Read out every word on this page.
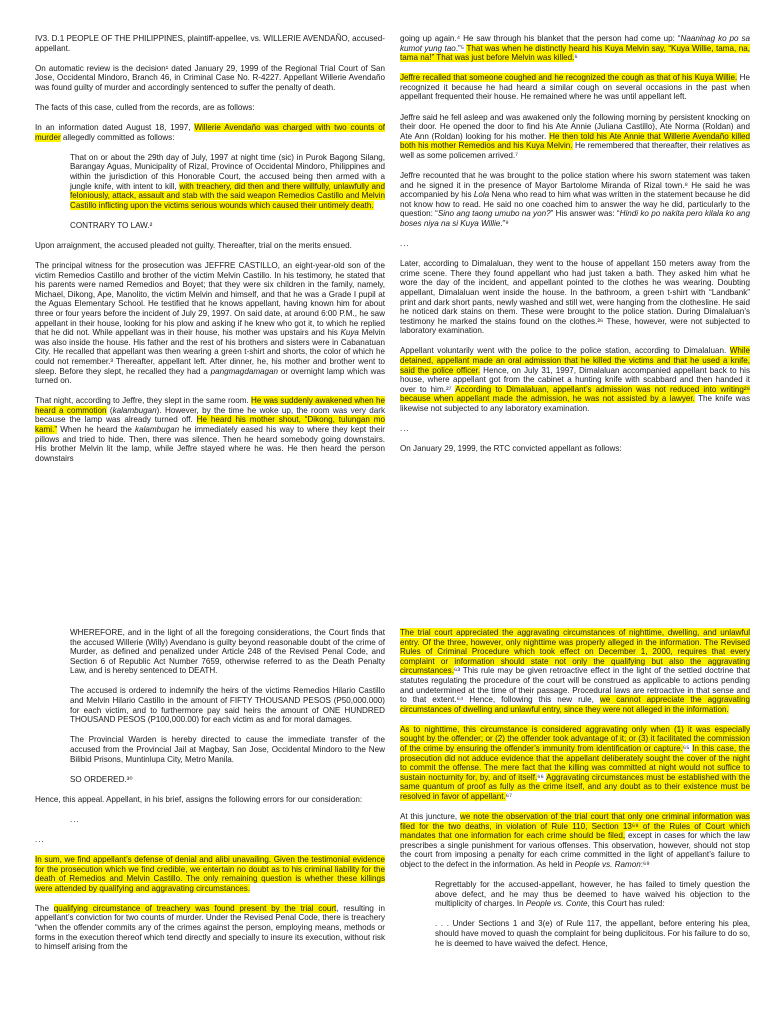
IV3. D.1 PEOPLE OF THE PHILIPPINES, plaintiff-appellee, vs. WILLERIE AVENDAÑO, accused-appellant.

On automatic review is the decision¹ dated January 29, 1999 of the Regional Trial Court of San Jose, Occidental Mindoro, Branch 46, in Criminal Case No. R-4227. Appellant Willerie Avendaño was found guilty of murder and accordingly sentenced to suffer the penalty of death.

The facts of this case, culled from the records, are as follows:

In an information dated August 18, 1997, Willerie Avendaño was charged with two counts of murder allegedly committed as follows:

That on or about the 29th day of July, 1997 at night time (sic) in Purok Bagong Silang, Barangay Aguas, Municipality of Rizal, Province of Occidental Mindoro, Philippines and within the jurisdiction of this Honorable Court, the accused being then armed with a jungle knife, with intent to kill, with treachery, did then and there willfully, unlawfully and feloniously, attack, assault and stab with the said weapon Remedios Castillo and Melvin Castillo inflicting upon the victims serious wounds which caused their untimely death.

CONTRARY TO LAW.²

Upon arraignment, the accused pleaded not guilty. Thereafter, trial on the merits ensued.

The principal witness for the prosecution was JEFFRE CASTILLO, an eight-year-old son of the victim Remedios Castillo and brother of the victim Melvin Castillo. In his testimony, he stated that his parents were named Remedios and Boyet; that they were six children in the family, namely, Michael, Dikong, Ape, Manolito, the victim Melvin and himself, and that he was a Grade I pupil at the Aguas Elementary School. He testified that he knows appellant, having known him for about three or four years before the incident of July 29, 1997. On said date, at around 6:00 P.M., he saw appellant in their house, looking for his plow and asking if he knew who got it, to which he replied that he did not. While appellant was in their house, his mother was upstairs and his Kuya Melvin was also inside the house. His father and the rest of his brothers and sisters were in Cabanatuan City. He recalled that appellant was then wearing a green t-shirt and shorts, the color of which he could not remember.³ Thereafter, appellant left. After dinner, he, his mother and brother went to sleep. Before they slept, he recalled they had a pangmagdamagan or overnight lamp which was turned on.

That night, according to Jeffre, they slept in the same room. He was suddenly awakened when he heard a commotion (kalambugan). However, by the time he woke up, the room was very dark because the lamp was already turned off. He heard his mother shout, “Dikong, tulungan mo kami.” When he heard the kalambugan he immediately eased his way to where they kept their pillows and tried to hide. Then, there was silence. Then he heard somebody going downstairs. His brother Melvin lit the lamp, while Jeffre stayed where he was. He then heard the person downstairs

going up again.⁴ He saw through his blanket that the person had come up: “Naaninag ko po sa kumot yung tao.”⁵ That was when he distinctly heard his Kuya Melvin say, “Kuya Willie, tama, na, tama na!” That was just before Melvin was killed.⁶

Jeffre recalled that someone coughed and he recognized the cough as that of his Kuya Willie. He recognized it because he had heard a similar cough on several occasions in the past when appellant frequented their house. He remained where he was until appellant left.

Jeffre said he fell asleep and was awakened only the following morning by persistent knocking on their door. He opened the door to find his Ate Annie (Juliana Castillo), Ate Norma (Roldan) and Ate Ann (Roldan) looking for his mother. He then told his Ate Annie that Willerie Avendaño killed both his mother Remedios and his Kuya Melvin. He remembered that thereafter, their relatives as well as some policemen arrived.⁷

Jeffre recounted that he was brought to the police station where his sworn statement was taken and he signed it in the presence of Mayor Bartolome Miranda of Rizal town.⁸ He said he was accompanied by his Lola Nena who read to him what was written in the statement because he did not know how to read. He said no one coached him to answer the way he did, particularly to the question: “Sino ang taong umubo na yon?” His answer was: “Hindi ko po nakita pero kilala ko ang boses niya na si Kuya Willie.”⁹

...

Later, according to Dimalaluan, they went to the house of appellant 150 meters away from the crime scene. There they found appellant who had just taken a bath. They asked him what he wore the day of the incident, and appellant pointed to the clothes he was wearing. Doubting appellant, Dimalaluan went inside the house. In the bathroom, a green t-shirt with “Landbank” print and dark short pants, newly washed and still wet, were hanging from the clothesline. He said he noticed dark stains on them. These were brought to the police station. During Dimalaluan’s testimony he marked the stains found on the clothes.²⁶ These, however, were not subjected to laboratory examination.

Appellant voluntarily went with the police to the police station, according to Dimalaluan. While detained, appellant made an oral admission that he killed the victims and that he used a knife, said the police officer. Hence, on July 31, 1997, Dimalaluan accompanied appellant back to his house, where appellant got from the cabinet a hunting knife with scabbard and then handed it over to him.²⁷ According to Dimalaluan, appellant’s admission was not reduced into writing²⁸ because when appellant made the admission, he was not assisted by a lawyer. The knife was likewise not subjected to any laboratory examination.

...

On January 29, 1999, the RTC convicted appellant as follows:

WHEREFORE, and in the light of all the foregoing considerations, the Court finds that the accused Willerie (Willy) Avendano is guilty beyond reasonable doubt of the crime of Murder, as defined and penalized under Article 248 of the Revised Penal Code, and Section 6 of Republic Act Number 7659, otherwise referred to as the Death Penalty Law, and is hereby sentenced to DEATH.

The accused is ordered to indemnify the heirs of the victims Remedios Hilario Castillo and Melvin Hilario Castillo in the amount of FIFTY THOUSAND PESOS (P50,000.000) for each victim, and to furthermore pay said heirs the amount of ONE HUNDRED THOUSAND PESOS (P100,000.00) for each victim as and for moral damages.

The Provincial Warden is hereby directed to cause the immediate transfer of the accused from the Provincial Jail at Magbay, San Jose, Occidental Mindoro to the New Bilibid Prisons, Muntinlupa City, Metro Manila.

SO ORDERED.³⁰

Hence, this appeal. Appellant, in his brief, assigns the following errors for our consideration:

...

...

In sum, we find appellant’s defense of denial and alibi unavailing. Given the testimonial evidence for the prosecution which we find credible, we entertain no doubt as to his criminal liability for the death of Remedios and Melvin Castillo. The only remaining question is whether these killings were attended by qualifying and aggravating circumstances.

The qualifying circumstance of treachery was found present by the trial court, resulting in appellant’s conviction for two counts of murder. Under the Revised Penal Code, there is treachery “when the offender commits any of the crimes against the person, employing means, methods or forms in the execution thereof which tend directly and specially to insure its execution, without risk to himself arising from the

The trial court appreciated the aggravating circumstances of nighttime, dwelling, and unlawful entry. Of the three, however, only nighttime was properly alleged in the information. The Revised Rules of Criminal Procedure which took effect on December 1, 2000, requires that every complaint or information should state not only the qualifying but also the aggravating circumstances.⁶³ This rule may be given retroactive effect in the light of the settled doctrine that statutes regulating the procedure of the court will be construed as applicable to actions pending and undetermined at the time of their passage. Procedural laws are retroactive in that sense and to that extent.⁶⁴ Hence, following this new rule, we cannot appreciate the aggravating circumstances of dwelling and unlawful entry, since they were not alleged in the information.

As to nighttime, this circumstance is considered aggravating only when (1) it was especially sought by the offender; or (2) the offender took advantage of it; or (3) it facilitated the commission of the crime by ensuring the offender’s immunity from identification or capture.⁶⁵ In this case, the prosecution did not adduce evidence that the appellant deliberately sought the cover of the night to commit the offense. The mere fact that the killing was committed at night would not suffice to sustain nocturnity for, by, and of itself.⁶⁶ Aggravating circumstances must be established with the same quantum of proof as fully as the crime itself, and any doubt as to their existence must be resolved in favor of appellant.⁶⁷

At this juncture, we note the observation of the trial court that only one criminal information was filed for the two deaths, in violation of Rule 110, Section 13⁶⁸ of the Rules of Court which mandates that one information for each crime should be filed, except in cases for which the law prescribes a single punishment for various offenses. This observation, however, should not stop the court from imposing a penalty for each crime committed in the light of appellant’s failure to object to the defect in the information. As held in People vs. Ramon:⁶⁹

Regrettably for the accused-appellant, however, he has failed to timely question the above defect, and he may thus be deemed to have waived his objection to the multiplicity of charges. In People vs. Conte, this Court has ruled:

. . . Under Sections 1 and 3(e) of Rule 117, the appellant, before entering his plea, should have moved to quash the complaint for being duplicitous. For his failure to do so, he is deemed to have waived the defect. Hence,
